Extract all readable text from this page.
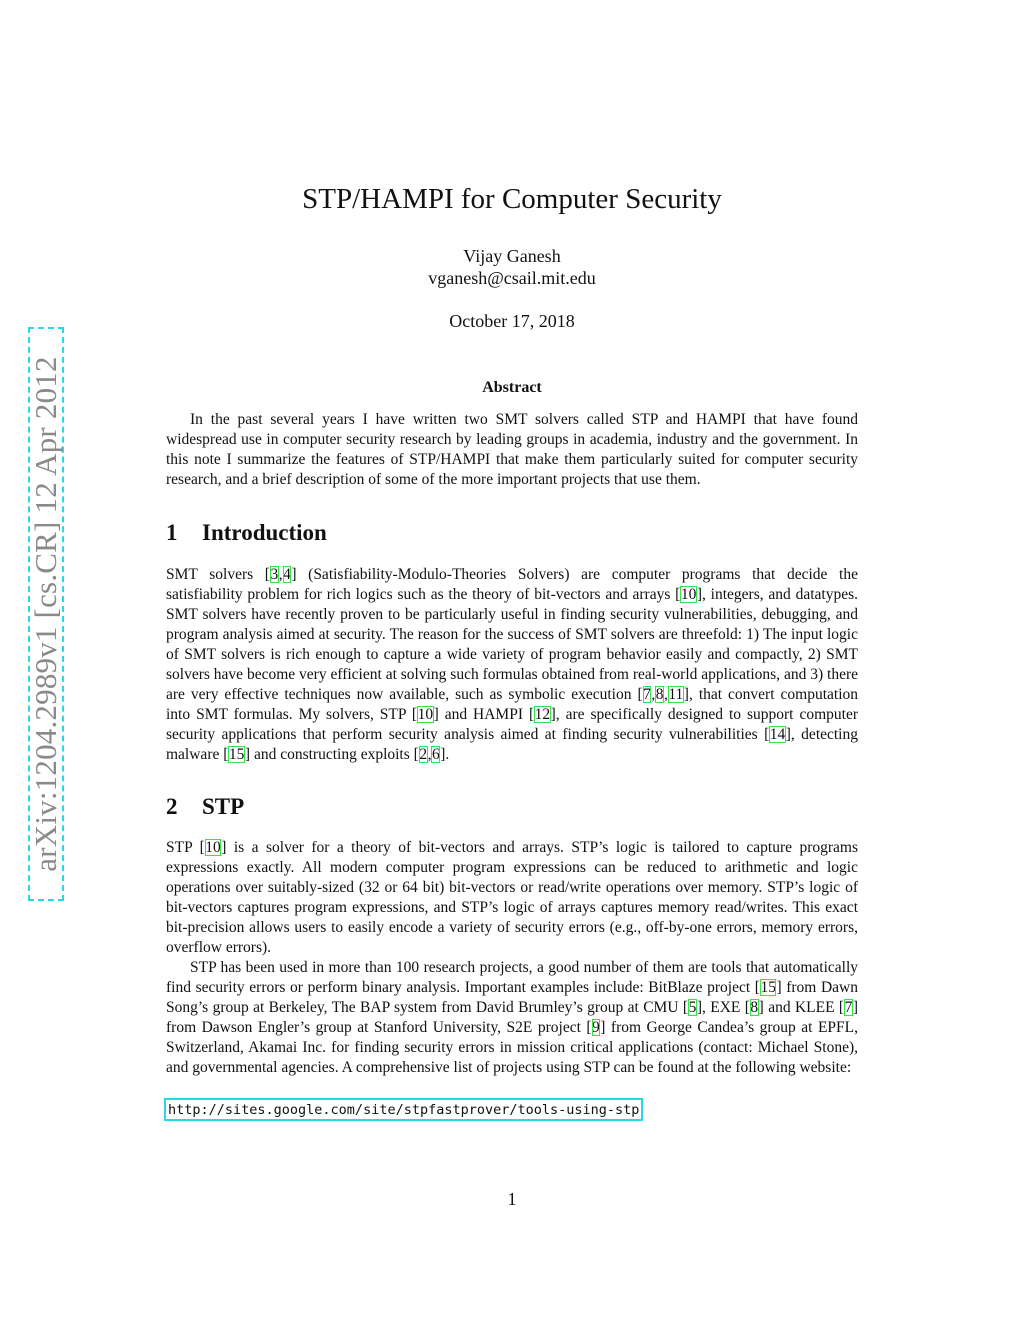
arXiv:1204.2989v1 [cs.CR] 12 Apr 2012
STP/HAMPI for Computer Security
Vijay Ganesh
vganesh@csail.mit.edu
October 17, 2018
Abstract
In the past several years I have written two SMT solvers called STP and HAMPI that have found widespread use in computer security research by leading groups in academia, industry and the government. In this note I summarize the features of STP/HAMPI that make them particularly suited for computer security research, and a brief description of some of the more important projects that use them.
1 Introduction
SMT solvers [3,4] (Satisfiability-Modulo-Theories Solvers) are computer programs that decide the satisfiability problem for rich logics such as the theory of bit-vectors and arrays [10], integers, and datatypes. SMT solvers have recently proven to be particularly useful in finding security vulnerabilities, debugging, and program analysis aimed at security. The reason for the success of SMT solvers are threefold: 1) The input logic of SMT solvers is rich enough to capture a wide variety of program behavior easily and compactly, 2) SMT solvers have become very efficient at solving such formulas obtained from real-world applications, and 3) there are very effective techniques now available, such as symbolic execution [7,8,11], that convert computation into SMT formulas. My solvers, STP [10] and HAMPI [12], are specifically designed to support computer security applications that perform security analysis aimed at finding security vulnerabilities [14], detecting malware [15] and constructing exploits [2,6].
2 STP
STP [10] is a solver for a theory of bit-vectors and arrays. STP’s logic is tailored to capture programs expressions exactly. All modern computer program expressions can be reduced to arithmetic and logic operations over suitably-sized (32 or 64 bit) bit-vectors or read/write operations over memory. STP’s logic of bit-vectors captures program expressions, and STP’s logic of arrays captures memory read/writes. This exact bit-precision allows users to easily encode a variety of security errors (e.g., off-by-one errors, memory errors, overflow errors).
STP has been used in more than 100 research projects, a good number of them are tools that automatically find security errors or perform binary analysis. Important examples include: BitBlaze project [15] from Dawn Song’s group at Berkeley, The BAP system from David Brumley’s group at CMU [5], EXE [8] and KLEE [7] from Dawson Engler’s group at Stanford University, S2E project [9] from George Candea’s group at EPFL, Switzerland, Akamai Inc. for finding security errors in mission critical applications (contact: Michael Stone), and governmental agencies. A comprehensive list of projects using STP can be found at the following website:
http://sites.google.com/site/stpfastprover/tools-using-stp
1
